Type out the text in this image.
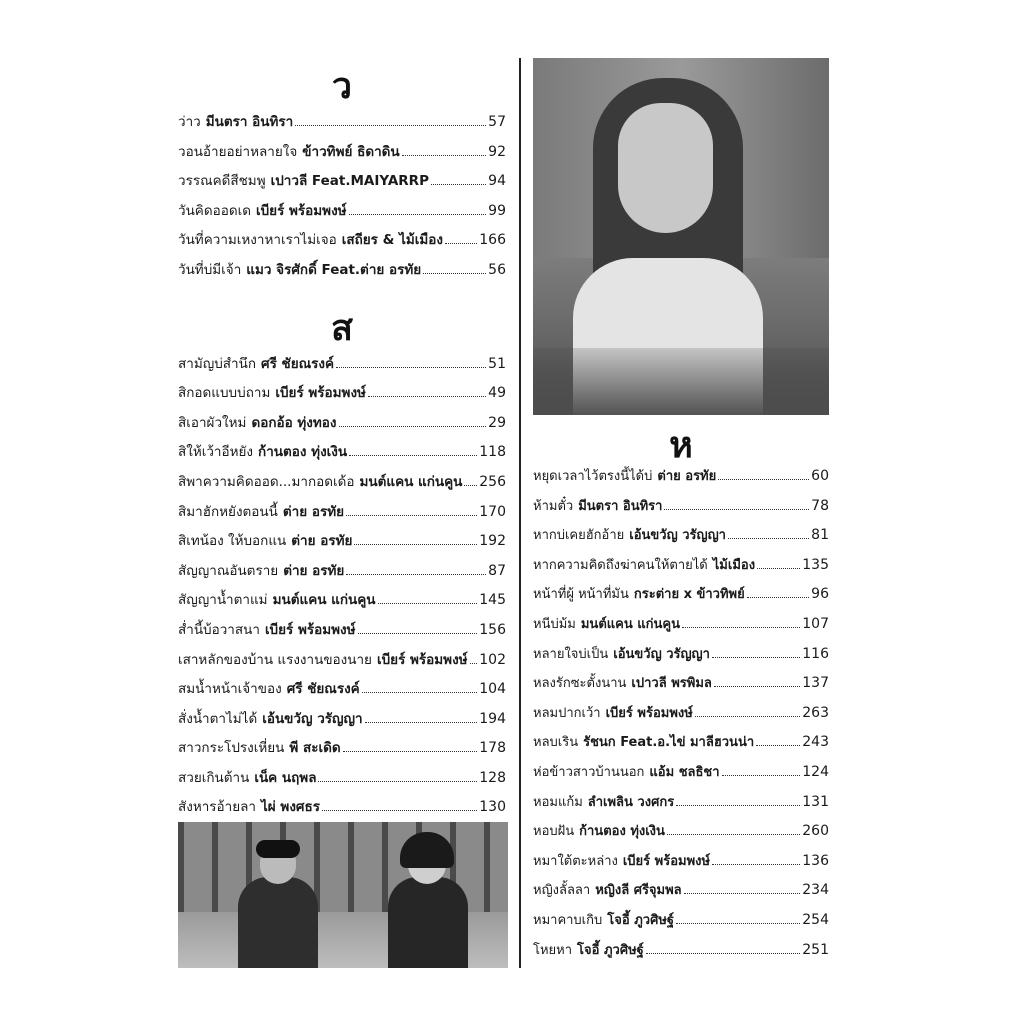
ว
ว่าว มีนตรา อินทิรา	57
วอนอ้ายอย่าหลายใจ ข้าวทิพย์ ธิดาดิน	92
วรรณคดีสีชมพู เปาวลี Feat.MAIYARRP	94
วันคิดออดเด เบียร์ พร้อมพงษ์	99
วันที่ความเหงาหาเราไม่เจอ เสถียร & ไม้เมือง	166
วันที่บ่มีเจ้า แมว จิรศักดิ์ Feat.ต่าย อรทัย	56
ส
สามัญบ่สำนึก ศรี ชัยณรงค์	51
สิกอดแบบบ่ถาม เบียร์ พร้อมพงษ์	49
สิเอาผัวใหม่ ดอกอ้อ ทุ่งทอง	29
สิให้เว้าอีหยัง ก้านตอง ทุ่งเงิน	118
สิพาความคิดออด...มากอดเด้อ มนต์แคน แก่นคูน 256
สิมาฮักหยังตอนนี้ ต่าย อรทัย	170
สิเทน้อง ให้บอกแน ต่าย อรทัย	192
สัญญาณอันตราย ต่าย อรทัย	87
สัญญาน้ำตาแม่ มนต์แคน แก่นคูน	145
ส่ำนี้บ้อวาสนา เบียร์ พร้อมพงษ์	156
เสาหลักของบ้าน แรงงานของนาย เบียร์ พร้อมพงษ์ 102
สมน้ำหน้าเจ้าของ ศรี ชัยณรงค์	104
สั่งน้ำตาไม่ได้ เอ้นขวัญ วรัญญา	194
สาวกระโปรงเหี่ยน พี สะเดิด	178
สวยเกินต้าน เน็ค นฤพล	128
สังหารอ้ายลา ไผ่ พงศธร	130
ห
หยุดเวลาไว้ตรงนี้ได้บ่ ต่าย อรทัย	60
ห้ามตั๋ว มีนตรา อินทิรา	78
หากบ่เคยฮักอ้าย เอ้นขวัญ วรัญญา	81
หากความคิดถึงฆ่าคนให้ตายได้ ไม้เมือง	135
หน้าที่ผู้ หน้าที่มัน กระต่าย x ข้าวทิพย์	96
หนีบ่ม้ม มนต์แคน แก่นคูน	107
หลายใจบ่เป็น เอ้นขวัญ วรัญญา	116
หลงรักซะตั้งนาน เปาวลี พรพิมล	137
หลมปากเว้า เบียร์ พร้อมพงษ์	263
หลบเริน รัชนก Feat.อ.ไข่ มาลีฮวนน่า	243
ห่อข้าวสาวบ้านนอก แอ้ม ชลธิชา	124
หอมแก้ม ลำเพลิน วงศกร	131
หอบฝัน ก้านตอง ทุ่งเงิน	260
หมาใต้ตะหล่าง เบียร์ พร้อมพงษ์	136
หญิงลั้ลลา หญิงลี ศรีจุมพล	234
หมาคาบเกิบ โจอี้ ภูวศิษฐ์	254
โหยหา โจอี้ ภูวศิษฐ์	251
